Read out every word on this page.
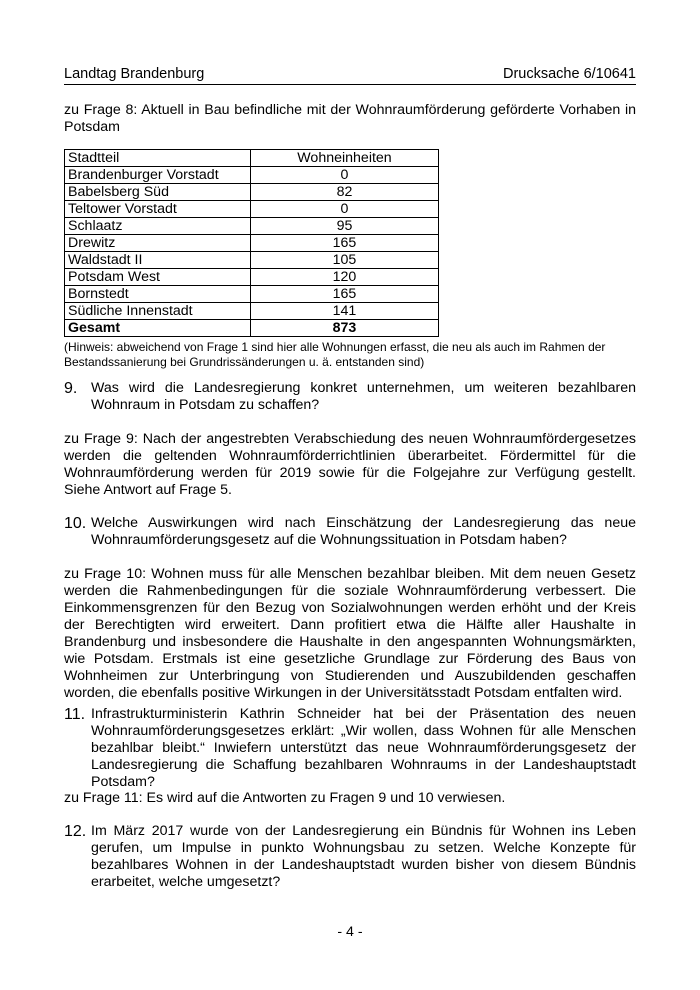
Landtag Brandenburg	Drucksache 6/10641

zu Frage 8: Aktuell in Bau befindliche mit der Wohnraumförderung geförderte Vorhaben in Potsdam

Stadtteil	Wohneinheiten
Brandenburger Vorstadt	0
Babelsberg Süd	82
Teltower Vorstadt	0
Schlaatz	95
Drewitz	165
Waldstadt II	105
Potsdam West	120
Bornstedt	165
Südliche Innenstadt	141
Gesamt	873

(Hinweis: abweichend von Frage 1 sind hier alle Wohnungen erfasst, die neu als auch im Rahmen der Bestandssanierung bei Grundrissänderungen u. ä. entstanden sind)

9. Was wird die Landesregierung konkret unternehmen, um weiteren bezahlbaren Wohnraum in Potsdam zu schaffen?

zu Frage 9: Nach der angestrebten Verabschiedung des neuen Wohnraumfördergesetzes werden die geltenden Wohnraumförderrichtlinien überarbeitet. Fördermittel für die Wohnraumförderung werden für 2019 sowie für die Folgejahre zur Verfügung gestellt. Siehe Antwort auf Frage 5.

10. Welche Auswirkungen wird nach Einschätzung der Landesregierung das neue Wohnraumförderungsgesetz auf die Wohnungssituation in Potsdam haben?

zu Frage 10: Wohnen muss für alle Menschen bezahlbar bleiben. Mit dem neuen Gesetz werden die Rahmenbedingungen für die soziale Wohnraumförderung verbessert. Die Einkommensgrenzen für den Bezug von Sozialwohnungen werden erhöht und der Kreis der Berechtigten wird erweitert. Dann profitiert etwa die Hälfte aller Haushalte in Brandenburg und insbesondere die Haushalte in den angespannten Wohnungsmärkten, wie Potsdam. Erstmals ist eine gesetzliche Grundlage zur Förderung des Baus von Wohnheimen zur Unterbringung von Studierenden und Auszubildenden geschaffen worden, die ebenfalls positive Wirkungen in der Universitätsstadt Potsdam entfalten wird.

11. Infrastrukturministerin Kathrin Schneider hat bei der Präsentation des neuen Wohnraumförderungsgesetzes erklärt: „Wir wollen, dass Wohnen für alle Menschen bezahlbar bleibt.“ Inwiefern unterstützt das neue Wohnraumförderungsgesetz der Landesregierung die Schaffung bezahlbaren Wohnraums in der Landeshauptstadt Potsdam?

zu Frage 11: Es wird auf die Antworten zu Fragen 9 und 10 verwiesen.

12. Im März 2017 wurde von der Landesregierung ein Bündnis für Wohnen ins Leben gerufen, um Impulse in punkto Wohnungsbau zu setzen. Welche Konzepte für bezahlbares Wohnen in der Landeshauptstadt wurden bisher von diesem Bündnis erarbeitet, welche umgesetzt?

- 4 -
